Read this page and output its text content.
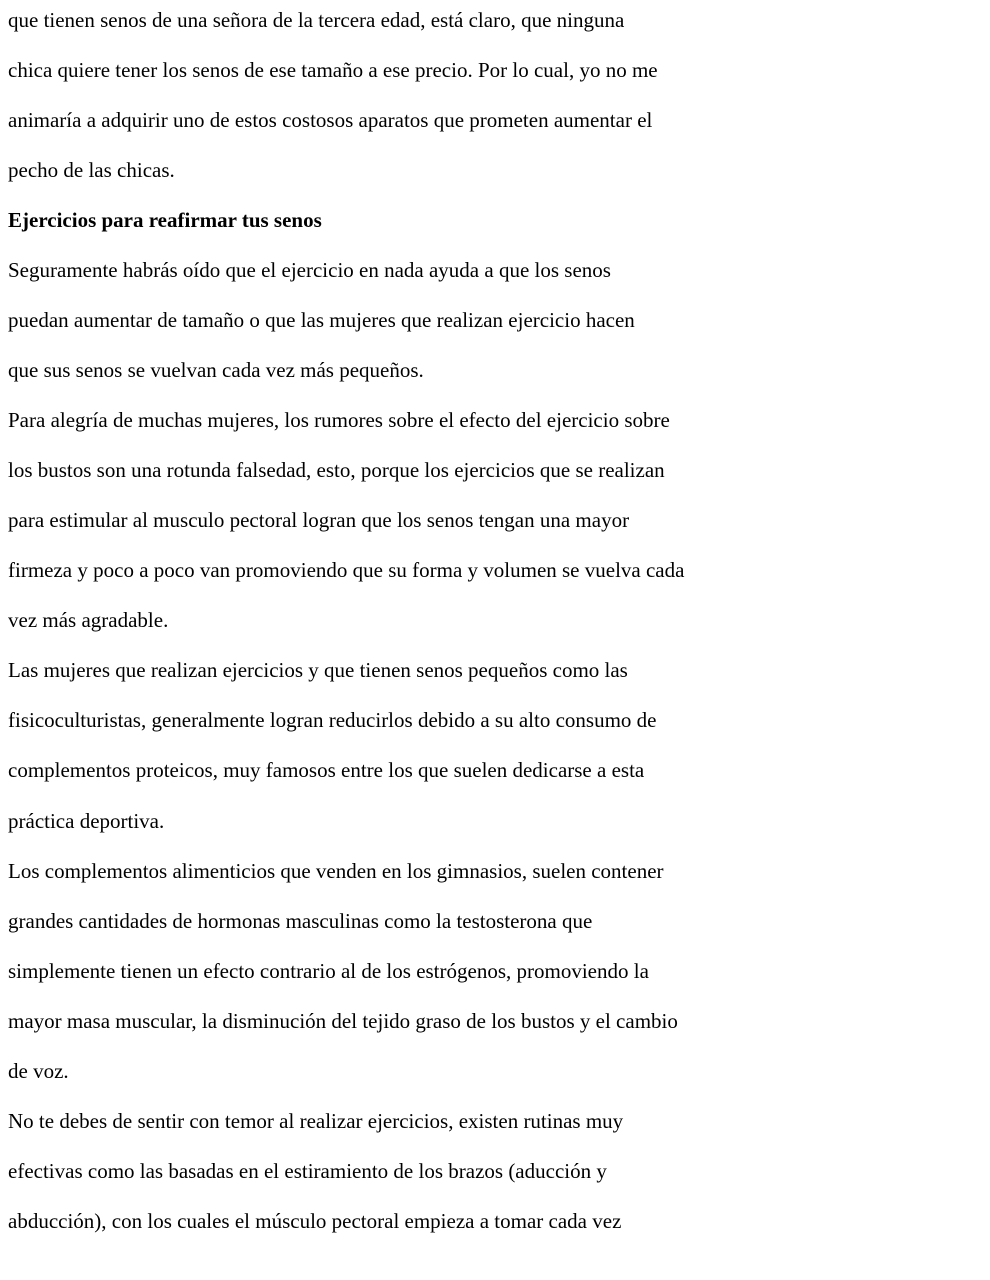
que tienen senos de una señora de la tercera edad, está claro, que ninguna
chica quiere tener los senos de ese tamaño a ese precio. Por lo cual, yo no me
animaría a adquirir uno de estos costosos aparatos que prometen aumentar el
pecho de las chicas.
Ejercicios para reafirmar tus senos
Seguramente habrás oído que el ejercicio en nada ayuda a que los senos
puedan aumentar de tamaño o que las mujeres que realizan ejercicio hacen
que sus senos se vuelvan cada vez más pequeños.
Para alegría de muchas mujeres, los rumores sobre el efecto del ejercicio sobre
los bustos son una rotunda falsedad, esto, porque los ejercicios que se realizan
para estimular al musculo pectoral logran que los senos tengan una mayor
firmeza y poco a poco van promoviendo que su forma y volumen se vuelva cada
vez más agradable.
Las mujeres que realizan ejercicios y que tienen senos pequeños como las
fisicoculturistas, generalmente logran reducirlos debido a su alto consumo de
complementos proteicos, muy famosos entre los que suelen dedicarse a esta
práctica deportiva.
Los complementos alimenticios que venden en los gimnasios, suelen contener
grandes cantidades de hormonas masculinas como la testosterona que
simplemente tienen un efecto contrario al de los estrógenos, promoviendo la
mayor masa muscular, la disminución del tejido graso de los bustos y el cambio
de voz.
No te debes de sentir con temor al realizar ejercicios, existen rutinas muy
efectivas como las basadas en el estiramiento de los brazos (aducción y
abducción), con los cuales el músculo pectoral empieza a tomar cada vez
